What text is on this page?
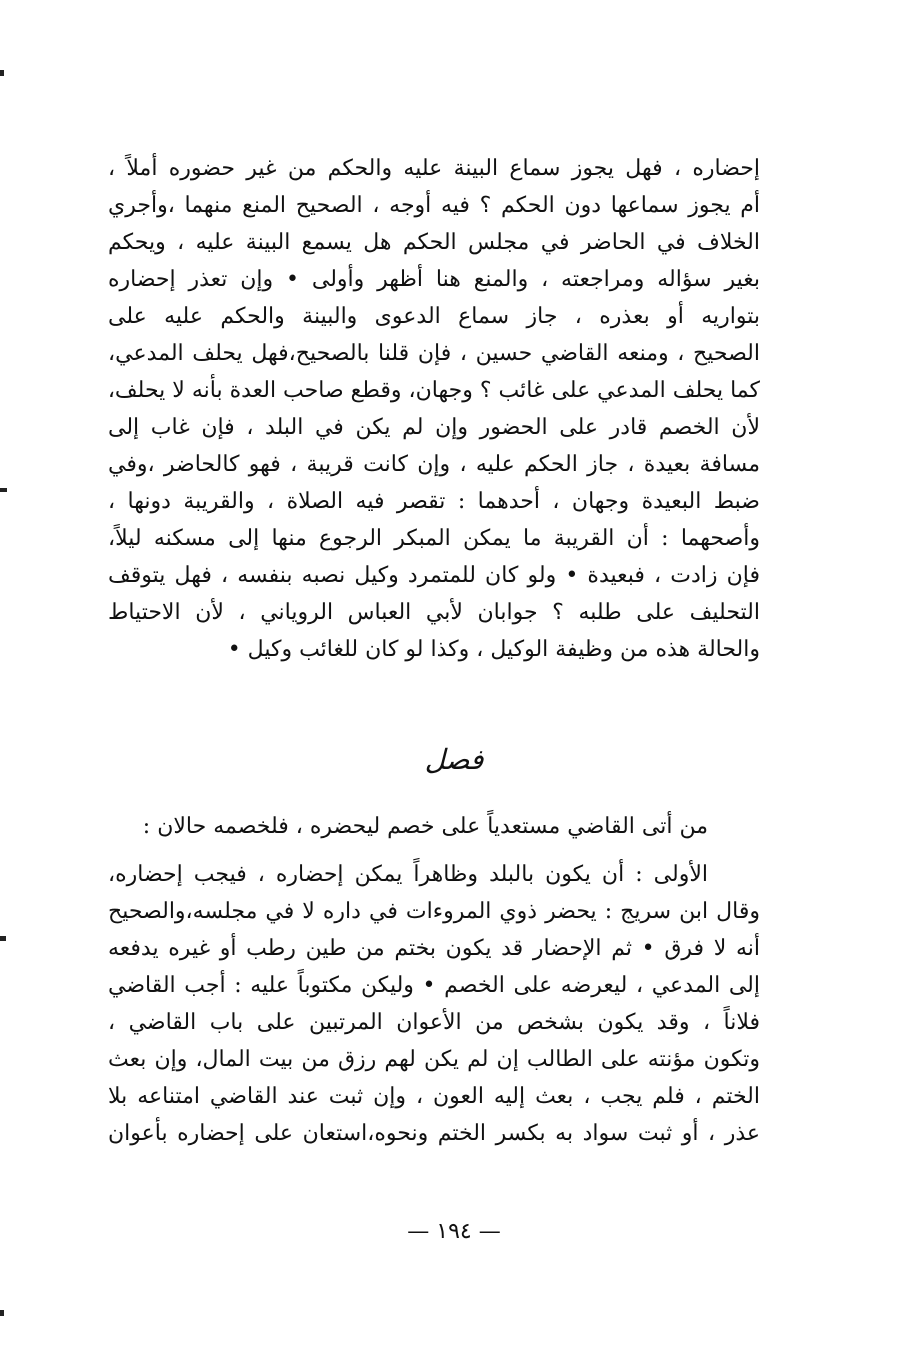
إحضاره ، فهل يجوز سماع البينة عليه والحكم من غير حضوره أملاً ،
أم يجوز سماعها دون الحكم ؟ فيه أوجه ، الصحيح المنع منهما ،وأجري
الخلاف في الحاضر في مجلس الحكم هل يسمع البينة عليه ، ويحكم
بغير سؤاله ومراجعته ، والمنع هنا أظهر وأولى • وإن تعذر إحضاره
بتواريه أو بعذره ، جاز سماع الدعوى والبينة والحكم عليه على
الصحيح ، ومنعه القاضي حسين ، فإن قلنا بالصحيح،فهل يحلف المدعي،
كما يحلف المدعي على غائب ؟ وجهان، وقطع صاحب العدة بأنه لا يحلف،
لأن الخصم قادر على الحضور وإن لم يكن في البلد ، فإن غاب إلى
مسافة بعيدة ، جاز الحكم عليه ، وإن كانت قريبة ، فهو كالحاضر ،وفي
ضبط البعيدة وجهان ، أحدهما : تقصر فيه الصلاة ، والقريبة دونها ،
وأصحهما : أن القريبة ما يمكن المبكر الرجوع منها إلى مسكنه ليلاً،
فإن زادت ، فبعيدة • ولو كان للمتمرد وكيل نصبه بنفسه ، فهل يتوقف
التحليف على طلبه ؟ جوابان لأبي العباس الروياني ، لأن الاحتياط
والحالة هذه من وظيفة الوكيل ، وكذا لو كان للغائب وكيل •
فصل
من أتى القاضي مستعدياً على خصم ليحضره ، فلخصمه حالان :
الأولى : أن يكون بالبلد وظاهراً يمكن إحضاره ، فيجب إحضاره،
وقال ابن سريج : يحضر ذوي المروءات في داره لا في مجلسه،والصحيح
أنه لا فرق • ثم الإحضار قد يكون بختم من طين رطب أو غيره يدفعه
إلى المدعي ، ليعرضه على الخصم • وليكن مكتوباً عليه : أجب القاضي
فلاناً ، وقد يكون بشخص من الأعوان المرتبين على باب القاضي ،
وتكون مؤنته على الطالب إن لم يكن لهم رزق من بيت المال، وإن بعث
الختم ، فلم يجب ، بعث إليه العون ، وإن ثبت عند القاضي امتناعه بلا
عذر ، أو ثبت سواد به بكسر الختم ونحوه،استعان على إحضاره بأعوان
— ١٩٤ —
